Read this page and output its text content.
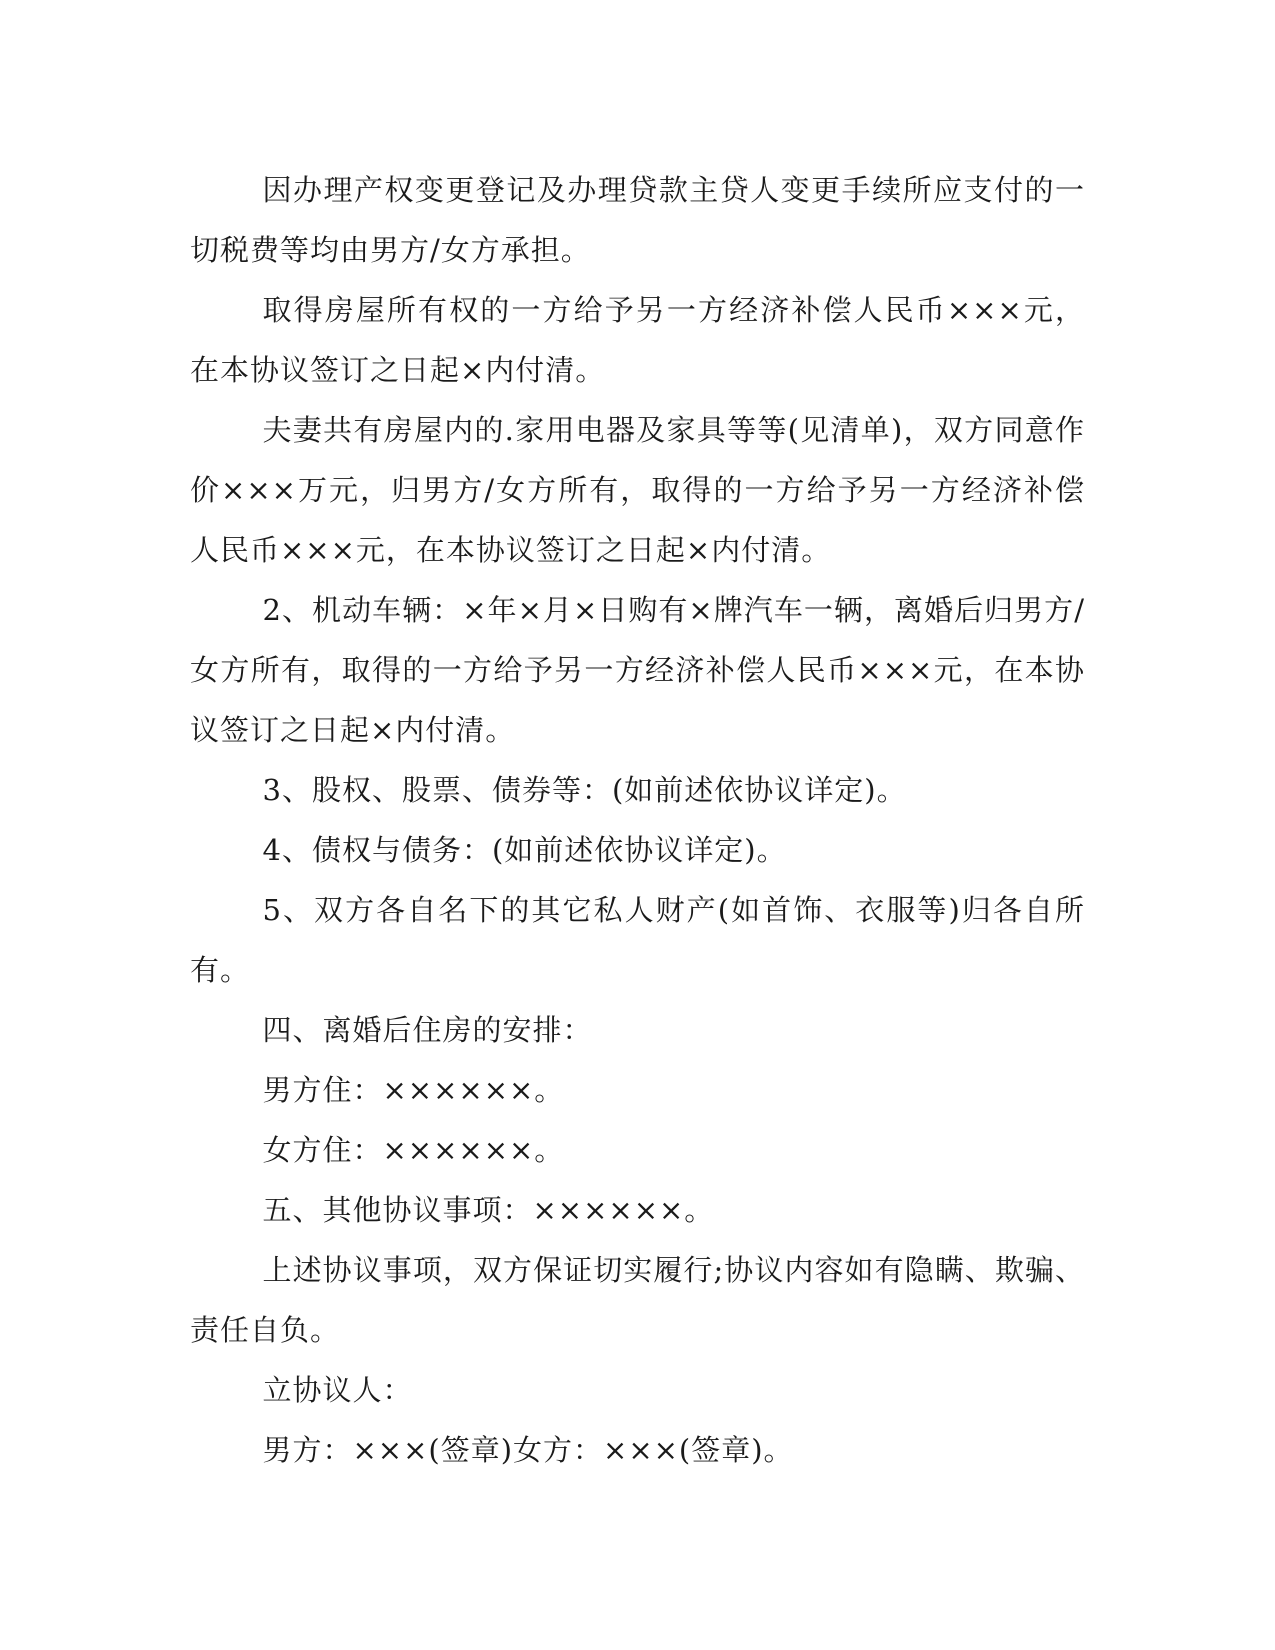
因办理产权变更登记及办理贷款主贷人变更手续所应支付的一切税费等均由男方/女方承担。

取得房屋所有权的一方给予另一方经济补偿人民币×××元，在本协议签订之日起×内付清。

夫妻共有房屋内的.家用电器及家具等等(见清单)，双方同意作价×××万元，归男方/女方所有，取得的一方给予另一方经济补偿人民币×××元，在本协议签订之日起×内付清。

2、机动车辆：×年×月×日购有×牌汽车一辆，离婚后归男方/女方所有，取得的一方给予另一方经济补偿人民币×××元，在本协议签订之日起×内付清。

3、股权、股票、债券等：(如前述依协议详定)。

4、债权与债务：(如前述依协议详定)。

5、双方各自名下的其它私人财产(如首饰、衣服等)归各自所有。

四、离婚后住房的安排：

男方住：××××××。

女方住：××××××。

五、其他协议事项：××××××。

上述协议事项，双方保证切实履行;协议内容如有隐瞒、欺骗、责任自负。

立协议人：

男方：×××(签章)女方：×××(签章)。
